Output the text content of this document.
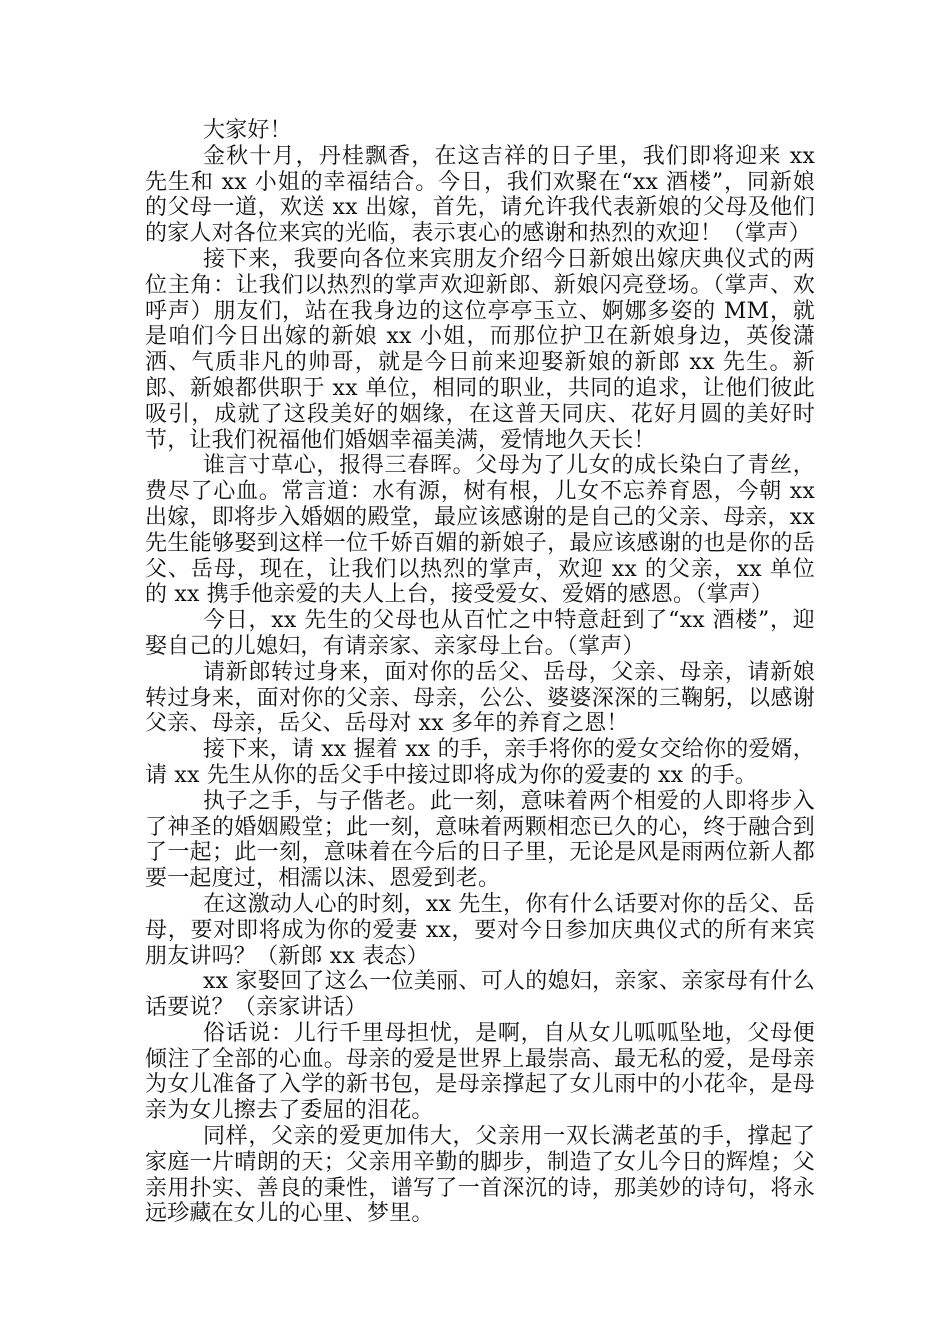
大家好！

金秋十月，丹桂飘香，在这吉祥的日子里，我们即将迎来 xx 先生和 xx 小姐的幸福结合。今日，我们欢聚在“xx 酒楼”，同新娘的父母一道，欢送 xx 出嫁，首先，请允许我代表新娘的父母及他们的家人对各位来宾的光临，表示衷心的感谢和热烈的欢迎！（掌声）

接下来，我要向各位来宾朋友介绍今日新娘出嫁庆典仪式的两位主角：让我们以热烈的掌声欢迎新郎、新娘闪亮登场。（掌声、欢呼声）朋友们，站在我身边的这位亭亭玉立、婀娜多姿的 MM，就是咱们今日出嫁的新娘 xx 小姐，而那位护卫在新娘身边，英俊潇洒、气质非凡的帅哥，就是今日前来迎娶新娘的新郎 xx 先生。新郎、新娘都供职于 xx 单位，相同的职业，共同的追求，让他们彼此吸引，成就了这段美好的姻缘，在这普天同庆、花好月圆的美好时节，让我们祝福他们婚姻幸福美满，爱情地久天长！

谁言寸草心，报得三春晖。父母为了儿女的成长染白了青丝，费尽了心血。常言道：水有源，树有根，儿女不忘养育恩，今朝 xx 出嫁，即将步入婚姻的殿堂，最应该感谢的是自己的父亲、母亲，xx 先生能够娶到这样一位千娇百媚的新娘子，最应该感谢的也是你的岳父、岳母，现在，让我们以热烈的掌声，欢迎 xx 的父亲，xx 单位的 xx 携手他亲爱的夫人上台，接受爱女、爱婿的感恩。（掌声）

今日，xx 先生的父母也从百忙之中特意赶到了“xx 酒楼”，迎娶自己的儿媳妇，有请亲家、亲家母上台。（掌声）

请新郎转过身来，面对你的岳父、岳母，父亲、母亲，请新娘转过身来，面对你的父亲、母亲，公公、婆婆深深的三鞠躬，以感谢父亲、母亲，岳父、岳母对 xx 多年的养育之恩！

接下来，请 xx 握着 xx 的手，亲手将你的爱女交给你的爱婿，请 xx 先生从你的岳父手中接过即将成为你的爱妻的 xx 的手。

执子之手，与子偕老。此一刻，意味着两个相爱的人即将步入了神圣的婚姻殿堂；此一刻，意味着两颗相恋已久的心，终于融合到了一起；此一刻，意味着在今后的日子里，无论是风是雨两位新人都要一起度过，相濡以沫、恩爱到老。

在这激动人心的时刻，xx 先生，你有什么话要对你的岳父、岳母，要对即将成为你的爱妻 xx，要对今日参加庆典仪式的所有来宾朋友讲吗？（新郎 xx 表态）

xx 家娶回了这么一位美丽、可人的媳妇，亲家、亲家母有什么话要说？（亲家讲话）

俗话说：儿行千里母担忧，是啊，自从女儿呱呱坠地，父母便倾注了全部的心血。母亲的爱是世界上最崇高、最无私的爱，是母亲为女儿准备了入学的新书包，是母亲撑起了女儿雨中的小花伞，是母亲为女儿擦去了委屈的泪花。

同样，父亲的爱更加伟大，父亲用一双长满老茧的手，撑起了家庭一片晴朗的天；父亲用辛勤的脚步，制造了女儿今日的辉煌；父亲用扑实、善良的秉性，谱写了一首深沉的诗，那美妙的诗句，将永远珍藏在女儿的心里、梦里。
